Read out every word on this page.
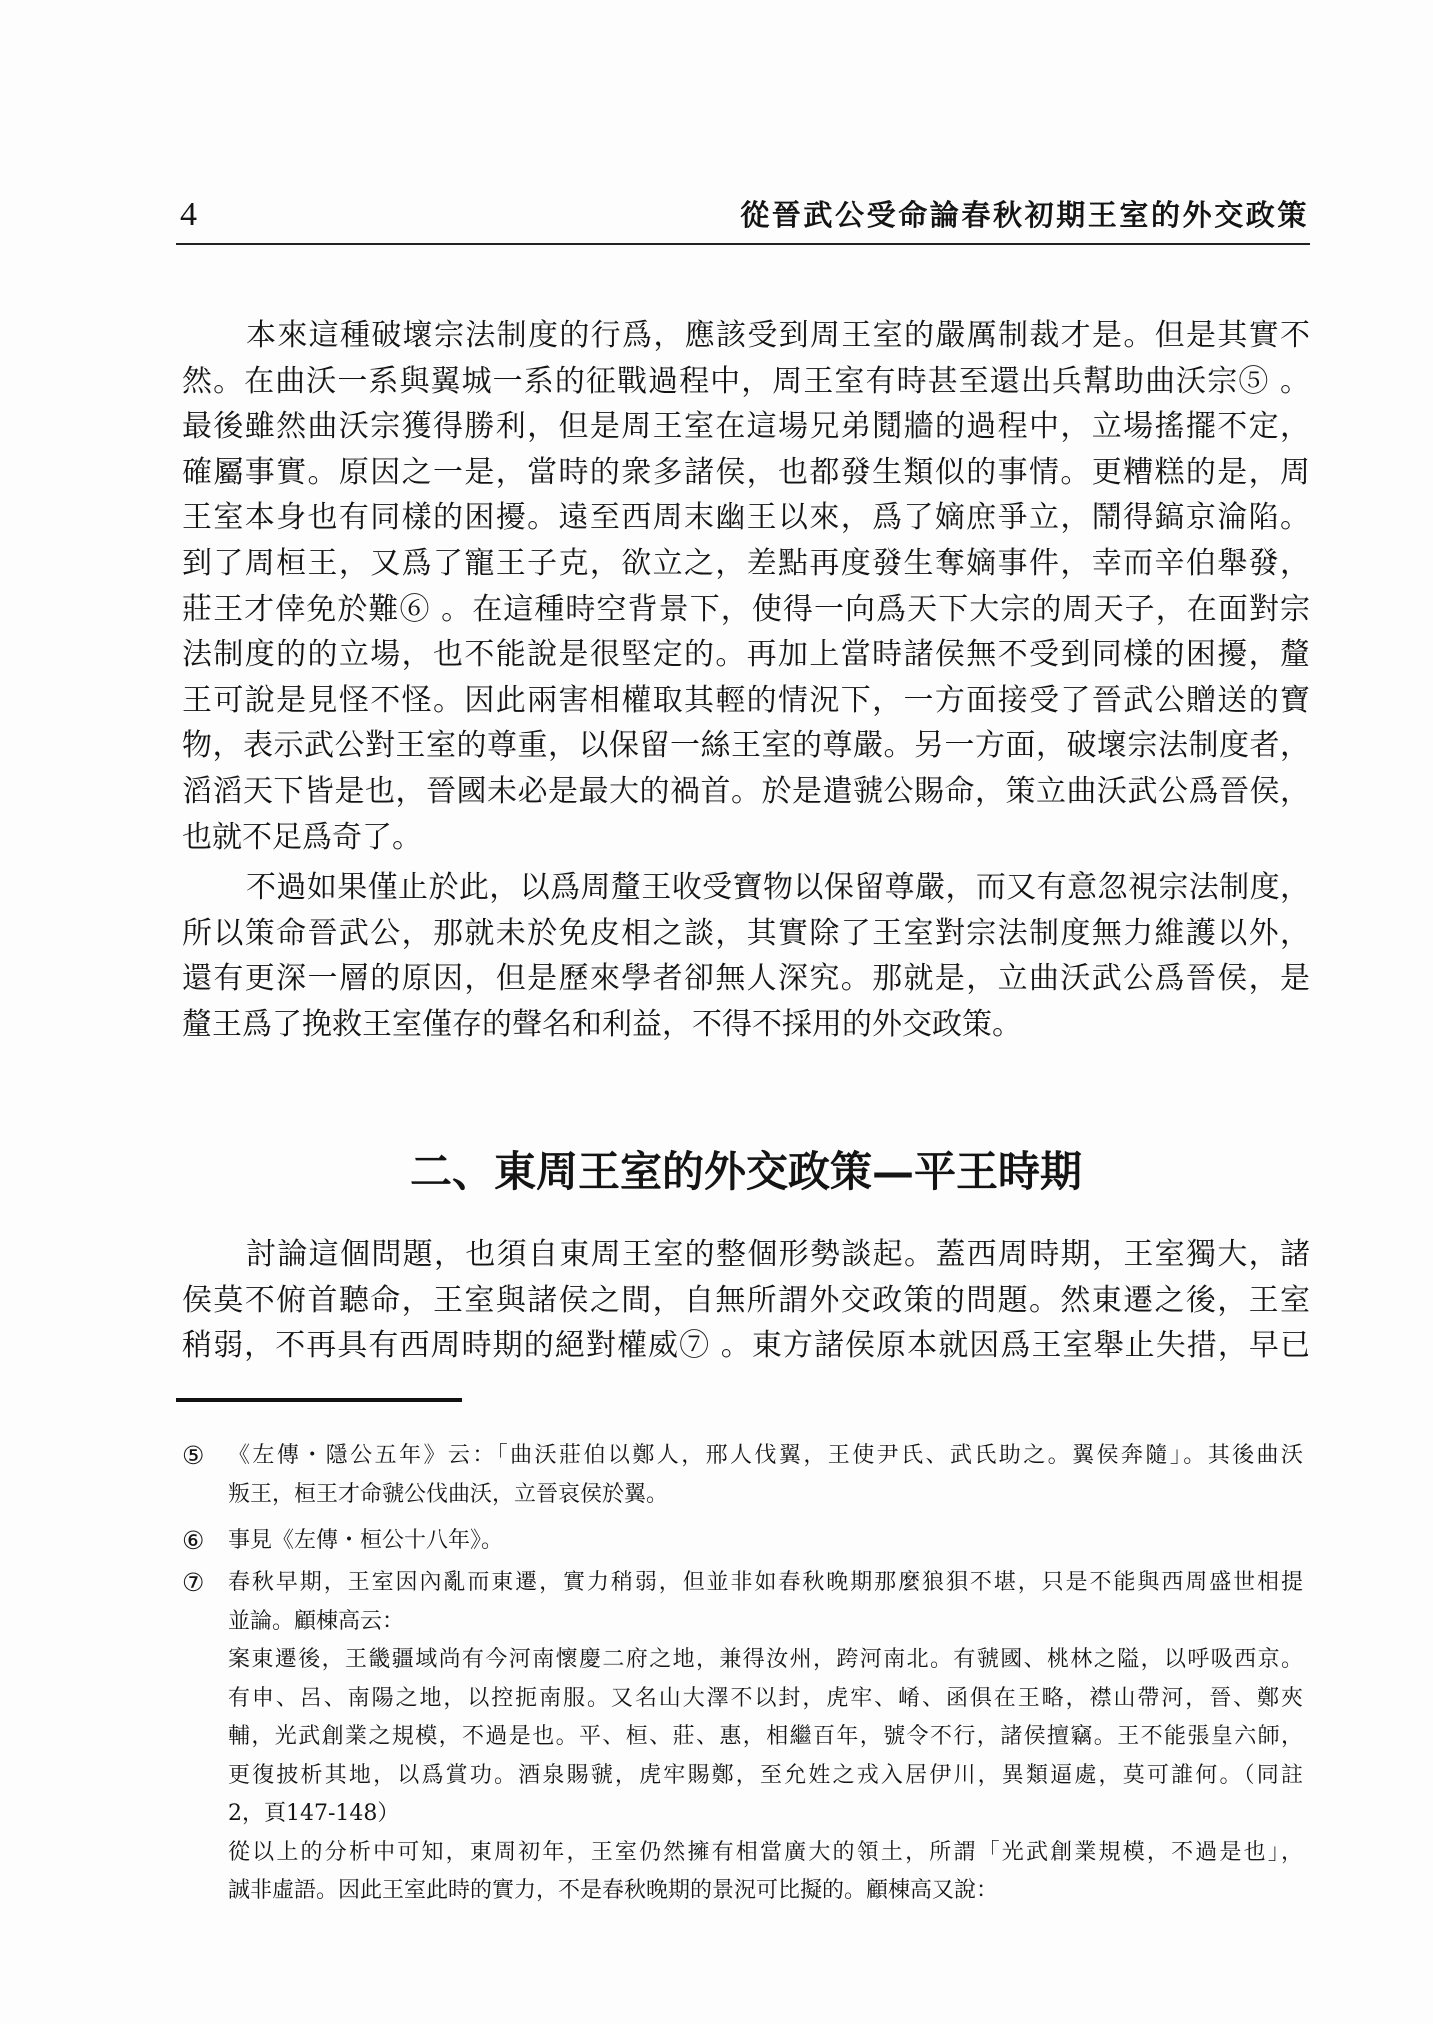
4	從晉武公受命論春秋初期王室的外交政策
本來這種破壞宗法制度的行爲，應該受到周王室的嚴厲制裁才是。但是其實不
然。在曲沃一系與翼城一系的征戰過程中，周王室有時甚至還出兵幫助曲沃宗⑤ 。
最後雖然曲沃宗獲得勝利，但是周王室在這場兄弟鬩牆的過程中，立場搖擺不定，
確屬事實。原因之一是，當時的衆多諸侯，也都發生類似的事情。更糟糕的是，周
王室本身也有同樣的困擾。遠至西周末幽王以來，爲了嫡庶爭立，鬧得鎬京淪陷。
到了周桓王，又爲了寵王子克，欲立之，差點再度發生奪嫡事件，幸而辛伯舉發，
莊王才倖免於難⑥ 。在這種時空背景下，使得一向爲天下大宗的周天子，在面對宗
法制度的的立場，也不能說是很堅定的。再加上當時諸侯無不受到同樣的困擾，釐
王可說是見怪不怪。因此兩害相權取其輕的情況下，一方面接受了晉武公贈送的寶
物，表示武公對王室的尊重，以保留一絲王室的尊嚴。另一方面，破壞宗法制度者，
滔滔天下皆是也，晉國未必是最大的禍首。於是遣虢公賜命，策立曲沃武公爲晉侯，
也就不足爲奇了。
不過如果僅止於此，以爲周釐王收受寶物以保留尊嚴，而又有意忽視宗法制度，
所以策命晉武公，那就未於免皮相之談，其實除了王室對宗法制度無力維護以外，
還有更深一層的原因，但是歷來學者卻無人深究。那就是，立曲沃武公爲晉侯，是
釐王爲了挽救王室僅存的聲名和利益，不得不採用的外交政策。
二、東周王室的外交政策—平王時期
討論這個問題，也須自東周王室的整個形勢談起。蓋西周時期，王室獨大，諸
侯莫不俯首聽命，王室與諸侯之間，自無所謂外交政策的問題。然東遷之後，王室
稍弱，不再具有西周時期的絕對權威⑦ 。東方諸侯原本就因爲王室舉止失措，早已
⑤	《左傳・隱公五年》云：「曲沃莊伯以鄭人，邢人伐翼，王使尹氏、武氏助之。翼侯奔隨」。其後曲沃
叛王，桓王才命虢公伐曲沃，立晉哀侯於翼。
⑥	事見《左傳・桓公十八年》。
⑦	春秋早期，王室因內亂而東遷，實力稍弱，但並非如春秋晚期那麼狼狽不堪，只是不能與西周盛世相提
並論。顧棟高云：
案東遷後，王畿疆域尚有今河南懷慶二府之地，兼得汝州，跨河南北。有虢國、桃林之隘，以呼吸西京。
有申、呂、南陽之地，以控扼南服。又名山大澤不以封，虎牢、崤、函俱在王略，襟山帶河，晉、鄭夾
輔，光武創業之規模，不過是也。平、桓、莊、惠，相繼百年，號令不行，諸侯擅竊。王不能張皇六師，
更復披析其地，以爲賞功。酒泉賜虢，虎牢賜鄭，至允姓之戎入居伊川，異類逼處，莫可誰何。（同註
2，頁147-148）
從以上的分析中可知，東周初年，王室仍然擁有相當廣大的領土，所謂「光武創業規模，不過是也」，
誠非虛語。因此王室此時的實力，不是春秋晚期的景況可比擬的。顧棟高又說：
